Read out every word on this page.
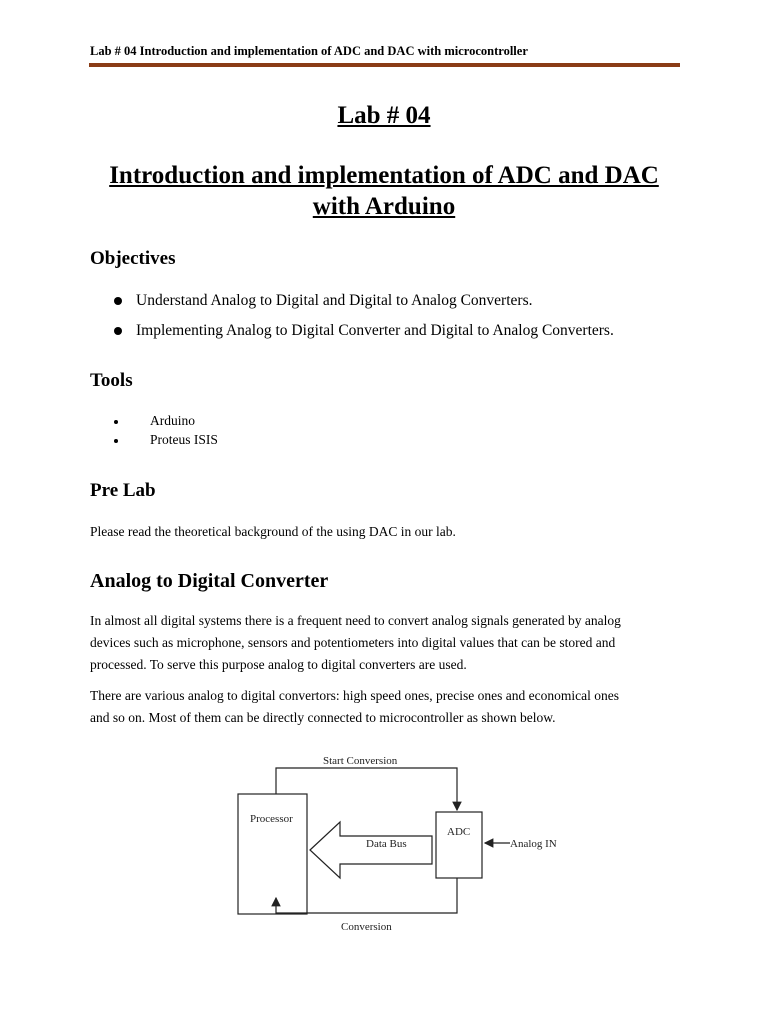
Lab # 04 Introduction and implementation of ADC and DAC with microcontroller
Lab # 04
Introduction and implementation of ADC and DAC
with Arduino
Objectives
Understand Analog to Digital and Digital to Analog Converters.
Implementing Analog to Digital Converter and Digital to Analog Converters.
Tools
Arduino
Proteus ISIS
Pre Lab

Please read the theoretical background of the using DAC in our lab.

Analog to Digital Converter

In almost all digital systems there is a frequent need to convert analog signals generated by analog
devices such as microphone, sensors and potentiometers into digital values that can be stored and
processed. To serve this purpose analog to digital converters are used.

There are various analog to digital convertors: high speed ones, precise ones and economical ones
and so on. Most of them can be directly connected to microcontroller as shown below.

Start Conversion
Processor
Data Bus
ADC
Analog IN
Conversion
